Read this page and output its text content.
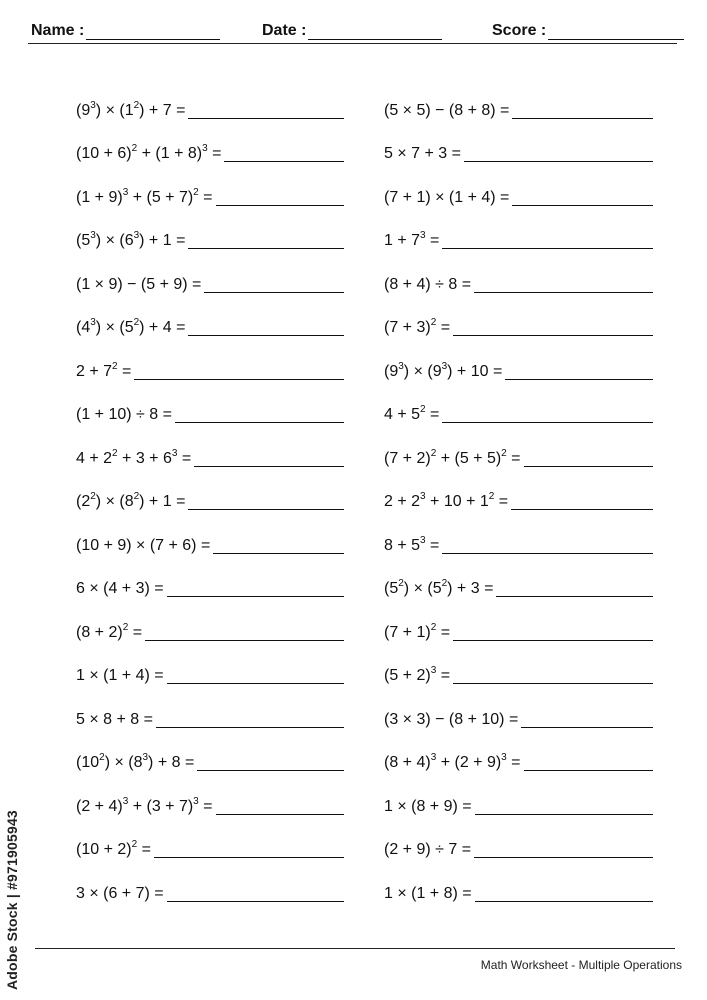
Name :	Date :	Score :
$(9^3) \times (1^2) + 7$ =
$(10 + 6)^2 + (1 + 8)^3$ =
$(1 + 9)^3 + (5 + 7)^2$ =
$(5^3) \times (6^3) + 1$ =
(1 × 9) − (5 + 9) =
$(4^3) \times (5^2) + 4$ =
$2 + 7^2$ =
(1 + 10) ÷ 8 =
$4 + 2^2 + 3 + 6^3$ =
$(2^2) \times (8^2) + 1$ =
(10 + 9) × (7 + 6) =
6 × (4 + 3) =
$(8 + 2)^2$ =
1 × (1 + 4) =
5 × 8 + 8 =
$(10^2) \times (8^3) + 8$ =
$(2 + 4)^3 + (3 + 7)^3$ =
$(10 + 2)^2$ =
3 × (6 + 7) =
(5 × 5) − (8 + 8) =
5 × 7 + 3 =
(7 + 1) × (1 + 4) =
$1 + 7^3$ =
(8 + 4) ÷ 8 =
$(7 + 3)^2$ =
$(9^3) \times (9^3) + 10$ =
$4 + 5^2$ =
$(7 + 2)^2 + (5 + 5)^2$ =
$2 + 2^3 + 10 + 1^2$ =
$8 + 5^3$ =
$(5^2) \times (5^2) + 3$ =
$(7 + 1)^2$ =
$(5 + 2)^3$ =
(3 × 3) − (8 + 10) =
$(8 + 4)^3 + (2 + 9)^3$ =
1 × (8 + 9) =
(2 + 9) ÷ 7 =
1 × (1 + 8) =
Math Worksheet - Multiple Operations
Adobe Stock | #971905943
